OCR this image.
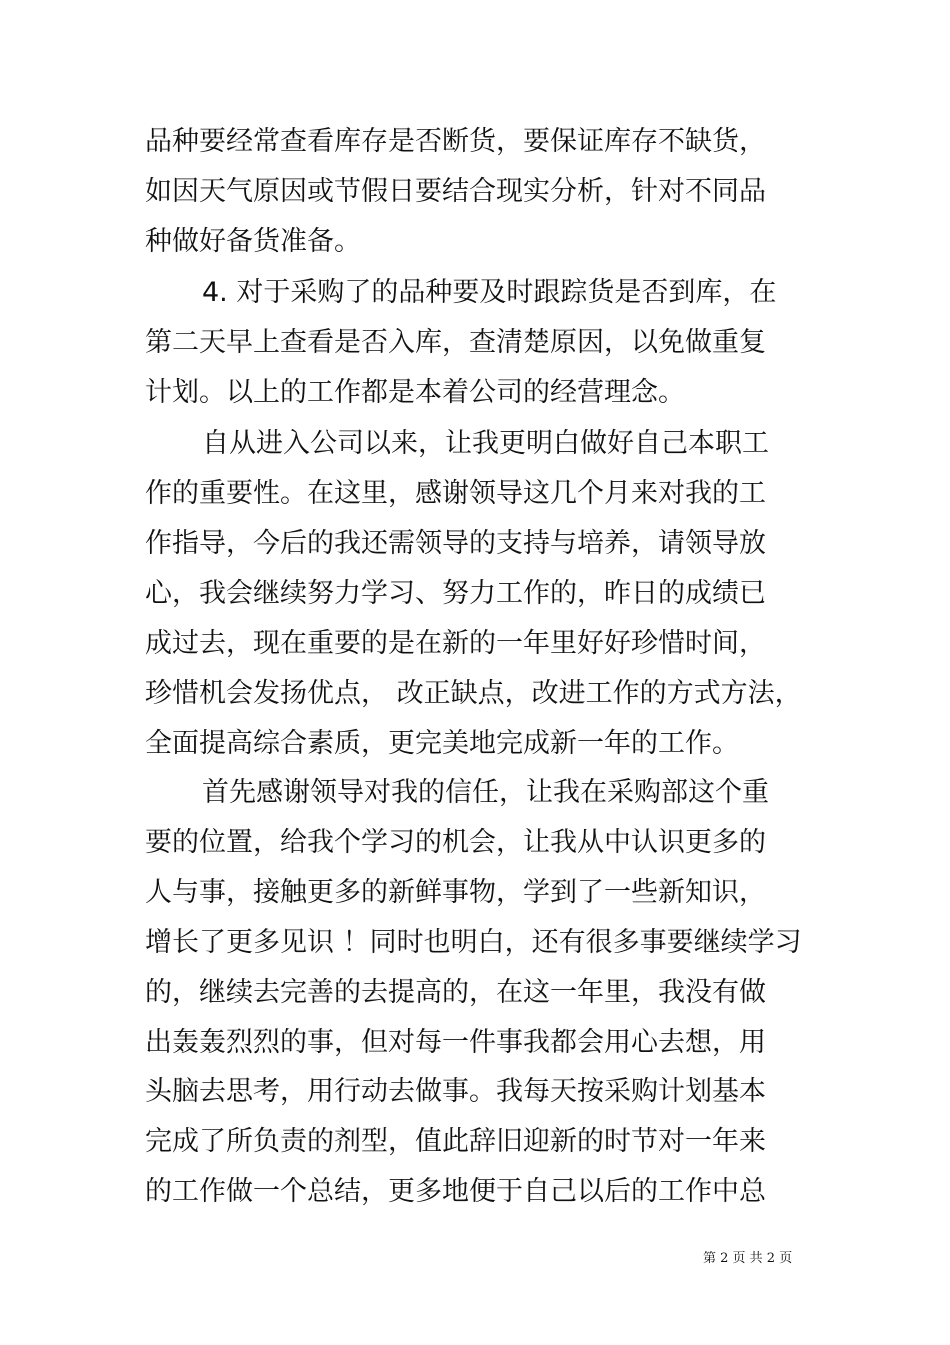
品种要经常查看库存是否断货，要保证库存不缺货，
如因天气原因或节假日要结合现实分析，针对不同品
种做好备货准备。
4. 对于采购了的品种要及时跟踪货是否到库，在
第二天早上查看是否入库，查清楚原因，以免做重复
计划。以上的工作都是本着公司的经营理念。
自从进入公司以来，让我更明白做好自己本职工
作的重要性。在这里，感谢领导这几个月来对我的工
作指导，今后的我还需领导的支持与培养，请领导放
心，我会继续努力学习、努力工作的，昨日的成绩已
成过去，现在重要的是在新的一年里好好珍惜时间，
珍惜机会发扬优点， 改正缺点，改进工作的方式方法，
全面提高综合素质，更完美地完成新一年的工作。
首先感谢领导对我的信任，让我在采购部这个重
要的位置，给我个学习的机会，让我从中认识更多的
人与事，接触更多的新鲜事物，学到了一些新知识，
增长了更多见识 ！同时也明白，还有很多事要继续学习
的，继续去完善的去提高的，在这一年里，我没有做
出轰轰烈烈的事，但对每一件事我都会用心去想，用
头脑去思考，用行动去做事。我每天按采购计划基本
完成了所负责的剂型，值此辞旧迎新的时节对一年来
的工作做一个总结，更多地便于自己以后的工作中总
第 2 页 共 2 页
